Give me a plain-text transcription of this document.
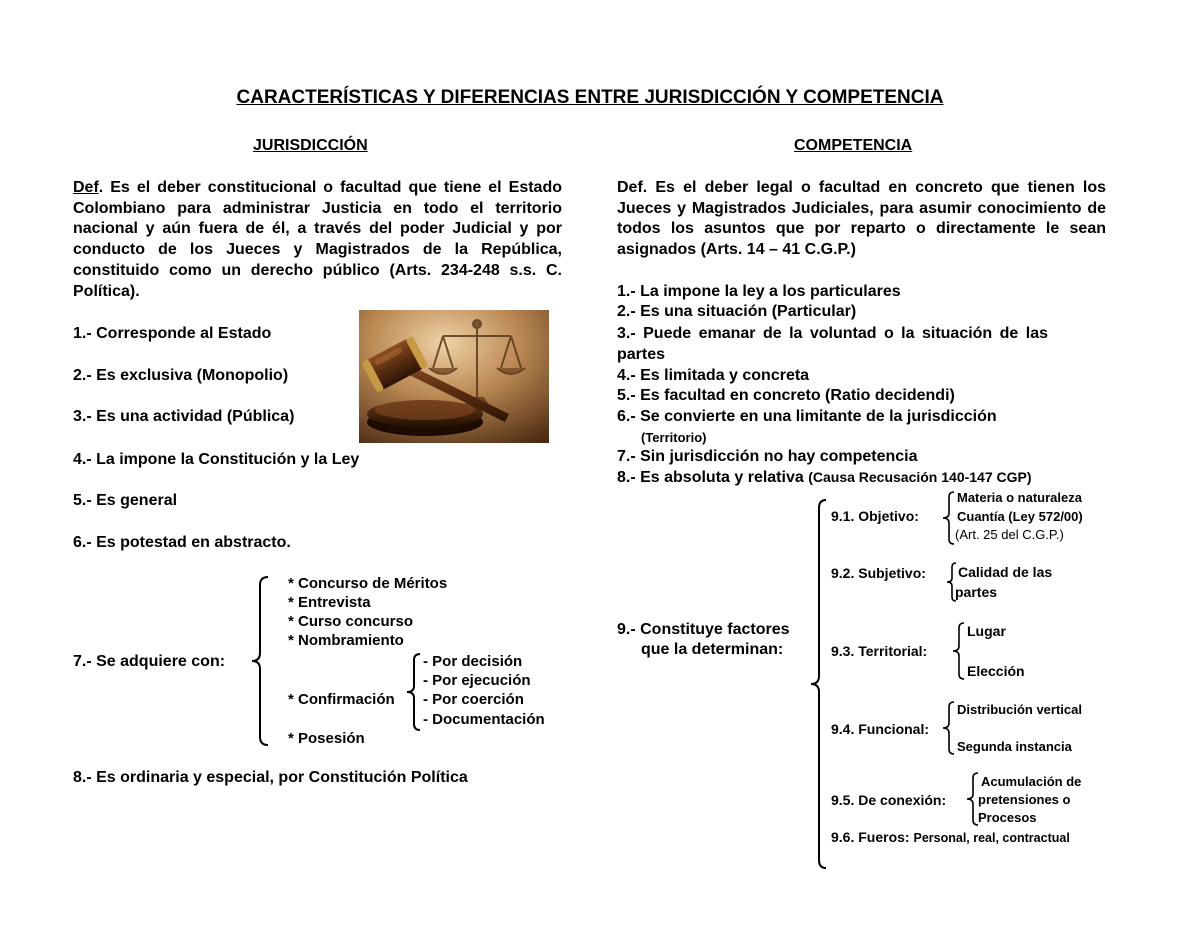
CARACTERÍSTICAS Y DIFERENCIAS ENTRE JURISDICCIÓN Y COMPETENCIA
JURISDICCIÓN	COMPETENCIA
Def. Es el deber constitucional o facultad que tiene el Estado Colombiano para administrar Justicia en todo el territorio nacional y aún fuera de él, a través del poder Judicial y por conducto de los Jueces y Magistrados de la República, constituido como un derecho público (Arts. 234-248 s.s. C. Política).
1.- Corresponde al Estado
2.- Es exclusiva (Monopolio)
3.- Es una actividad (Pública)
4.- La impone la Constitución y la Ley
5.- Es general
6.- Es potestad en abstracto.
7.- Se adquiere con:
* Concurso de Méritos
* Entrevista
* Curso concurso
* Nombramiento
* Confirmación
* Posesión
- Por decisión
- Por ejecución
- Por coerción
- Documentación
8.- Es ordinaria y especial, por Constitución Política
Def. Es el deber legal o facultad en concreto que tienen los Jueces y Magistrados Judiciales, para asumir conocimiento de todos los asuntos que por reparto o directamente le sean asignados (Arts. 14 – 41 C.G.P.)
1.- La impone la ley a los particulares
2.- Es una situación (Particular)
3.- Puede emanar de la voluntad o la situación de las
partes
4.- Es limitada y concreta
5.- Es facultad en concreto (Ratio decidendi)
6.- Se convierte en una limitante de la jurisdicción
(Territorio)
7.- Sin jurisdicción no hay competencia
8.- Es absoluta y relativa (Causa Recusación 140-147 CGP)
9.- Constituye factores
que la determinan:
9.1. Objetivo:
Materia o naturaleza
Cuantía (Ley 572/00)
(Art. 25 del C.G.P.)
9.2. Subjetivo: Calidad de las
partes
9.3. Territorial:
Lugar
Elección
9.4. Funcional:
Distribución vertical
Segunda instancia
9.5. De conexión:
Acumulación de
pretensiones o
Procesos
9.6. Fueros: Personal, real, contractual
